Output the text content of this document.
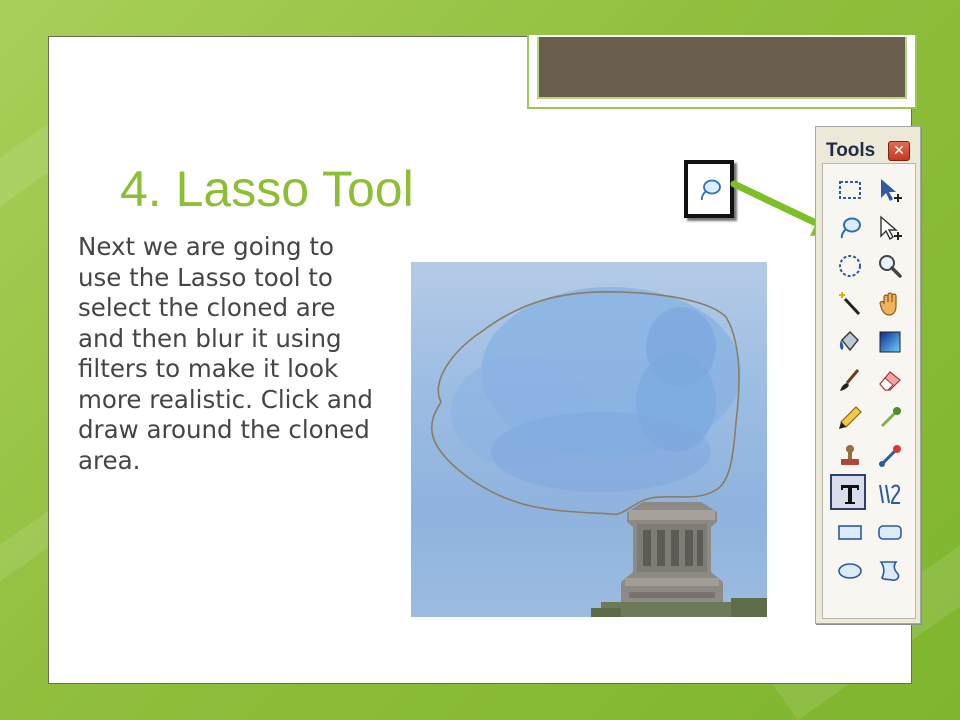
4. Lasso Tool
Next we are going to use the Lasso tool to select the cloned are and then blur it using filters to make it look more realistic. Click and draw around the cloned area.
Tools	✕
